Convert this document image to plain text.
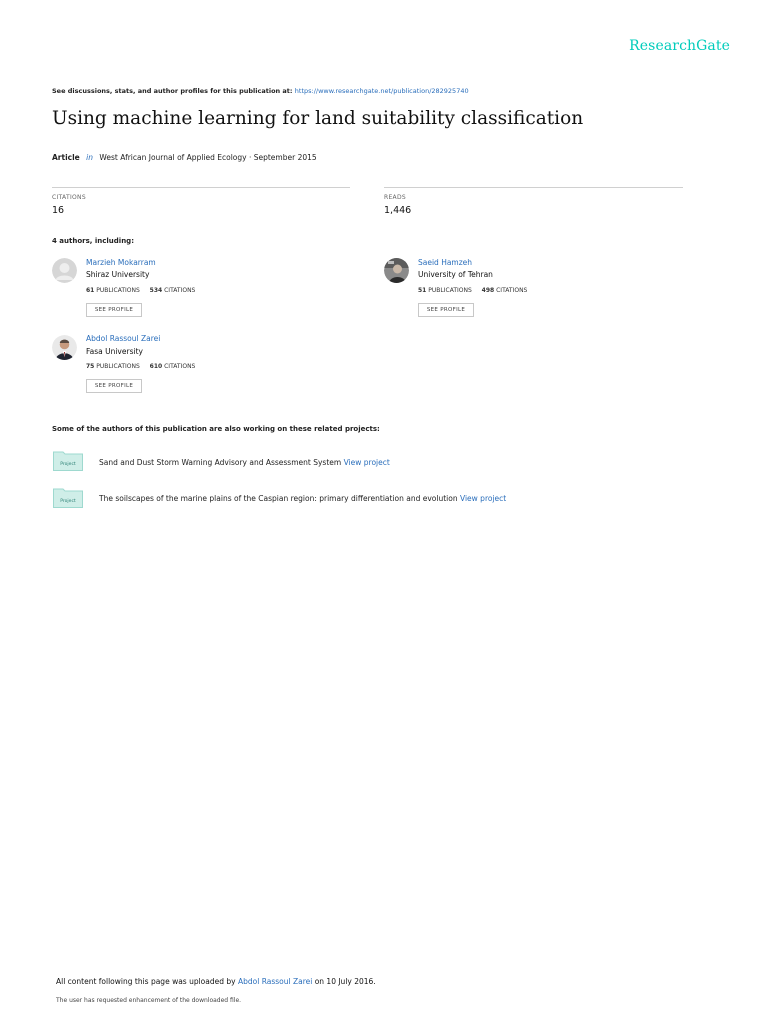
ResearchGate
See discussions, stats, and author profiles for this publication at: https://www.researchgate.net/publication/282925740
Using machine learning for land suitability classification
Article in West African Journal of Applied Ecology · September 2015
CITATIONS
16
READS
1,446
4 authors, including:
Marzieh Mokarram
Shiraz University
61 PUBLICATIONS 534 CITATIONS
SEE PROFILE
Saeid Hamzeh
University of Tehran
51 PUBLICATIONS 498 CITATIONS
SEE PROFILE
Abdol Rassoul Zarei
Fasa University
75 PUBLICATIONS 610 CITATIONS
SEE PROFILE
Some of the authors of this publication are also working on these related projects:
Project	Sand and Dust Storm Warning Advisory and Assessment System View project
Project	The soilscapes of the marine plains of the Caspian region: primary differentiation and evolution View project
All content following this page was uploaded by Abdol Rassoul Zarei on 10 July 2016.
The user has requested enhancement of the downloaded file.
